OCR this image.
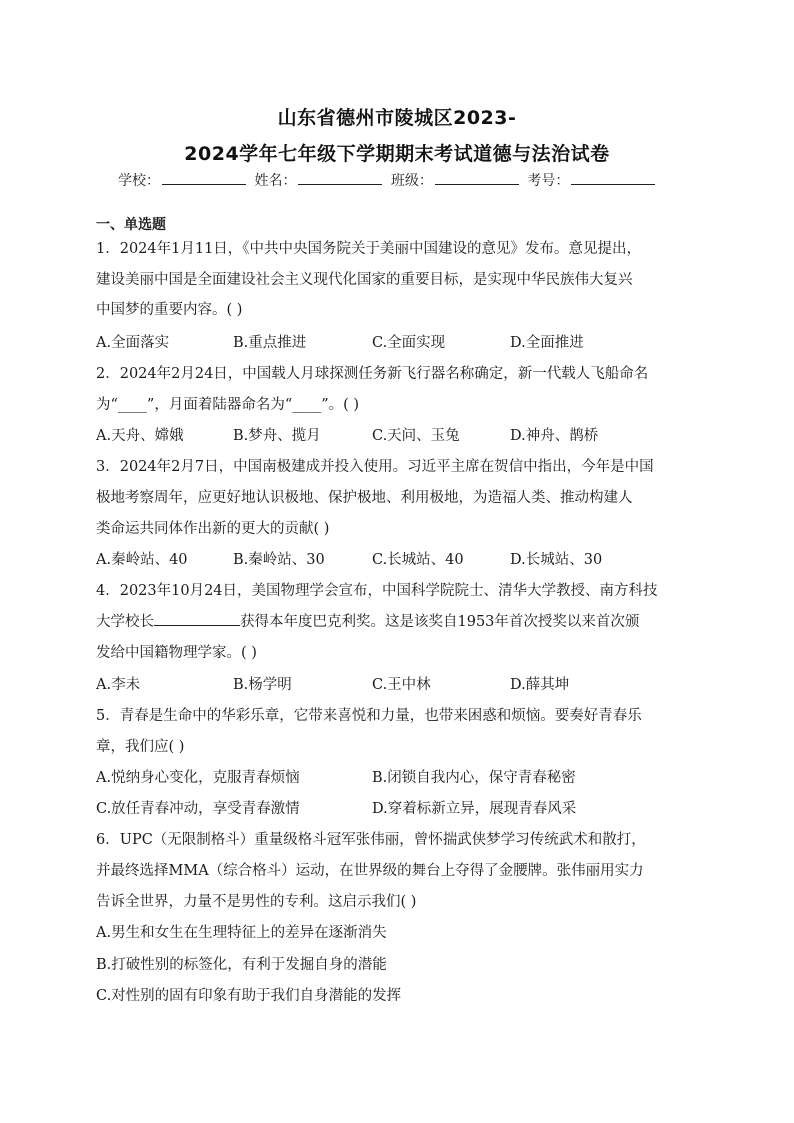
山东省德州市陵城区2023-
2024学年七年级下学期期末考试道德与法治试卷
学校：	姓名：	班级：	考号：
一、单选题
1．2024年1月11日，《中共中央国务院关于美丽中国建设的意见》发布。意见提出，
建设美丽中国是全面建设社会主义现代化国家的重要目标，是实现中华民族伟大复兴
中国梦的重要内容。( )
A.全面落实	B.重点推进	C.全面实现	D.全面推进
2．2024年2月24日，中国载人月球探测任务新飞行器名称确定，新一代载人飞船命名
为“____”，月面着陆器命名为“____”。( )
A.天舟、嫦娥	B.梦舟、揽月	C.天问、玉兔	D.神舟、鹊桥
3．2024年2月7日，中国南极建成并投入使用。习近平主席在贺信中指出，今年是中国
极地考察周年，应更好地认识极地、保护极地、利用极地，为造福人类、推动构建人
类命运共同体作出新的更大的贡献( )
A.秦岭站、40	B.秦岭站、30	C.长城站、40	D.长城站、30
4．2023年10月24日，美国物理学会宣布，中国科学院院士、清华大学教授、南方科技
大学校长	获得本年度巴克利奖。这是该奖自1953年首次授奖以来首次颁
发给中国籍物理学家。( )
A.李未	B.杨学明	C.王中林	D.薛其坤
5．青春是生命中的华彩乐章，它带来喜悦和力量，也带来困惑和烦恼。要奏好青春乐
章，我们应( )
A.悦纳身心变化，克服青春烦恼	B.闭锁自我内心，保守青春秘密
C.放任青春冲动，享受青春激情	D.穿着标新立异，展现青春风采
6．UPC（无限制格斗）重量级格斗冠军张伟丽，曾怀揣武侠梦学习传统武术和散打，
并最终选择MMA（综合格斗）运动，在世界级的舞台上夺得了金腰牌。张伟丽用实力
告诉全世界，力量不是男性的专利。这启示我们( )
A.男生和女生在生理特征上的差异在逐渐消失
B.打破性别的标签化，有利于发掘自身的潜能
C.对性别的固有印象有助于我们自身潜能的发挥
